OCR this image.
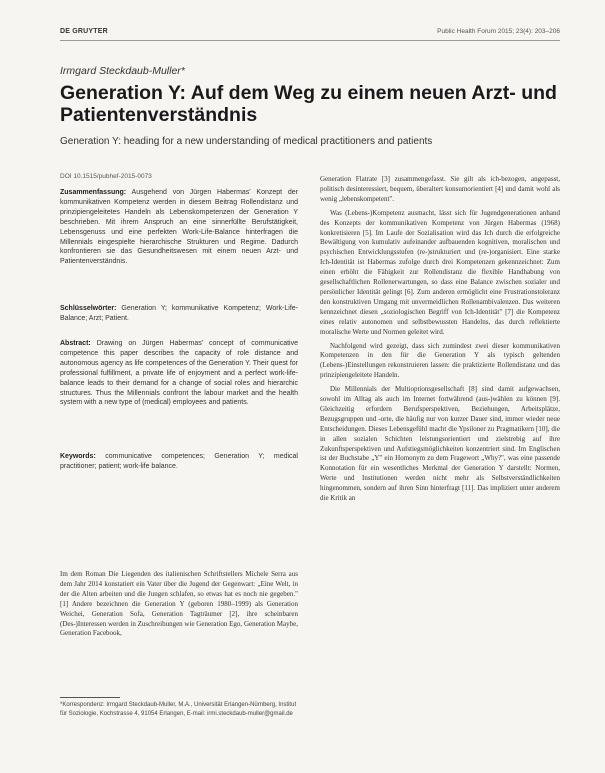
DE GRUYTER	Public Health Forum 2015; 23(4): 203–206
Irmgard Steckdaub-Muller*
Generation Y: Auf dem Weg zu einem neuen Arzt- und Patientenverständnis
Generation Y: heading for a new understanding of medical practitioners and patients
DOI 10.1515/pubhef-2015-0073

Zusammenfassung: Ausgehend von Jürgen Habermas' Konzept der kommunikativen Kompetenz werden in diesem Beitrag Rollendistanz und prinzipiengeleitetes Handeln als Lebenskompetenzen der Generation Y beschrieben. Mit ihrem Anspruch an eine sinnerfüllte Berufstätigkeit, Lebensgenuss und eine perfekten Work-Life-Balance hinterfragen die Millennials eingespielte hierarchische Strukturen und Regime. Dadurch konfrontieren sie das Gesundheitswesen mit einem neuen Arzt- und Patientenverständnis.

Schlüsselwörter: Generation Y; kommunikative Kompetenz; Work-Life-Balance; Arzt; Patient.

Abstract: Drawing on Jürgen Habermas' concept of communicative competence this paper describes the capacity of role distance and autonomous agency as life competences of the Generation Y. Their quest for professional fulfillment, a private life of enjoyment and a perfect work-life-balance leads to their demand for a change of social roles and hierarchic structures. Thus the Millennials confront the labour market and the health system with a new type of (medical) employees and patients.

Keywords: communicative competences; Generation Y; medical practitioner; patient; work-life balance.

Im dem Roman Die Liegenden des italienischen Schriftstellers Michele Serra aus dem Jahr 2014 konstatiert ein Vater über die Jugend der Gegenwart: „Eine Welt, in der die Alten arbeiten und die Jungen schlafen, so etwas hat es noch nie gegeben." [1] Andere bezeichnen die Generation Y (geboren 1980–1999) als Generation Weichei, Generation Sofa, Generation Tagträumer [2], ihre scheinbaren (Des-)Interessen werden in Zuschreibungen wie Generation Ego, Generation Maybe, Generation Facebook,

*Korrespondenz: Irmgard Steckdaub-Muller, M.A., Universität Erlangen-Nürnberg, Institut für Soziologie, Kochstrasse 4, 91054 Erlangen, E-mail: irmi.steckdaub-muller@gmail.de

Generation Flatrate [3] zusammengefasst. Sie gilt als ich-bezogen, angepasst, politisch desinteressiert, bequem, überaltert konsumorientiert [4] und damit wohl als wenig „lebenskompetent".

Was (Lebens-)Kompetenz ausmacht, lässt sich für Jugendgenerationen anhand des Konzepts der kommunikativen Kompetenz von Jürgen Habermas (1968) konkretisieren [5]. Im Laufe der Sozialisation wird das Ich durch die erfolgreiche Bewältigung von kumulativ aufeinander aufbauenden kognitiven, moralischen und psychischen Entwicklungsstufen (re-)strukturiert und (re-)organisiert. Eine starke Ich-Identität ist Habermas zufolge durch drei Kompetenzen gekennzeichnet: Zum einen erhöht die Fähigkeit zur Rollendistanz die flexible Handhabung von gesellschaftlichen Rollenerwartungen, so dass eine Balance zwischen sozialer und persönlicher Identität gelingt [6]. Zum anderen ermöglicht eine Frustrationstoleranz den konstruktiven Umgang mit unvermeidlichen Rollenambivalenzen. Das weiteren kennzeichnet diesen „soziologischen Begriff von Ich-Identität" [7] die Kompetenz eines relativ autonomen und selbstbewussten Handelns, das durch reflektierte moralische Werte und Normen geleitet wird.

Nachfolgend wird gezeigt, dass sich zumindest zwei dieser kommunikativen Kompetenzen in den für die Generation Y als typisch geltenden (Lebens-)Einstellungen rekonstruieren lassen: die praktizierte Rollendistanz und das prinzipiengeleitete Handeln.

Die Millennials der Multioptionsgesellschaft [8] sind damit aufgewachsen, sowohl im Alltag als auch im Internet fortwährend (aus-)wählen zu können [9]. Gleichzeitig erfordern Berufsperspektiven, Beziehungen, Arbeitsplätze, Bezugsgruppen und -orte, die häufig nur von kurzer Dauer sind, immer wieder neue Entscheidungen. Dieses Lebensgefühl macht die Ypsiloner zu Pragmatikern [10], die in allen sozialen Schichten leistungsorientiert und zielstrebig auf ihre Zukunftsperspektiven und Aufstiegsmöglichkeiten konzentriert sind. Im Englischen ist der Buchstabe „Y" ein Homonym zu dem Fragewort „Why?", was eine passende Konnotation für ein wesentliches Merkmal der Generation Y darstellt: Normen, Werte und Institutionen werden nicht mehr als Selbstverständlichkeiten hingenommen, sondern auf ihren Sinn hinterfragt [11]. Das impliziert unter anderem die Kritik an
